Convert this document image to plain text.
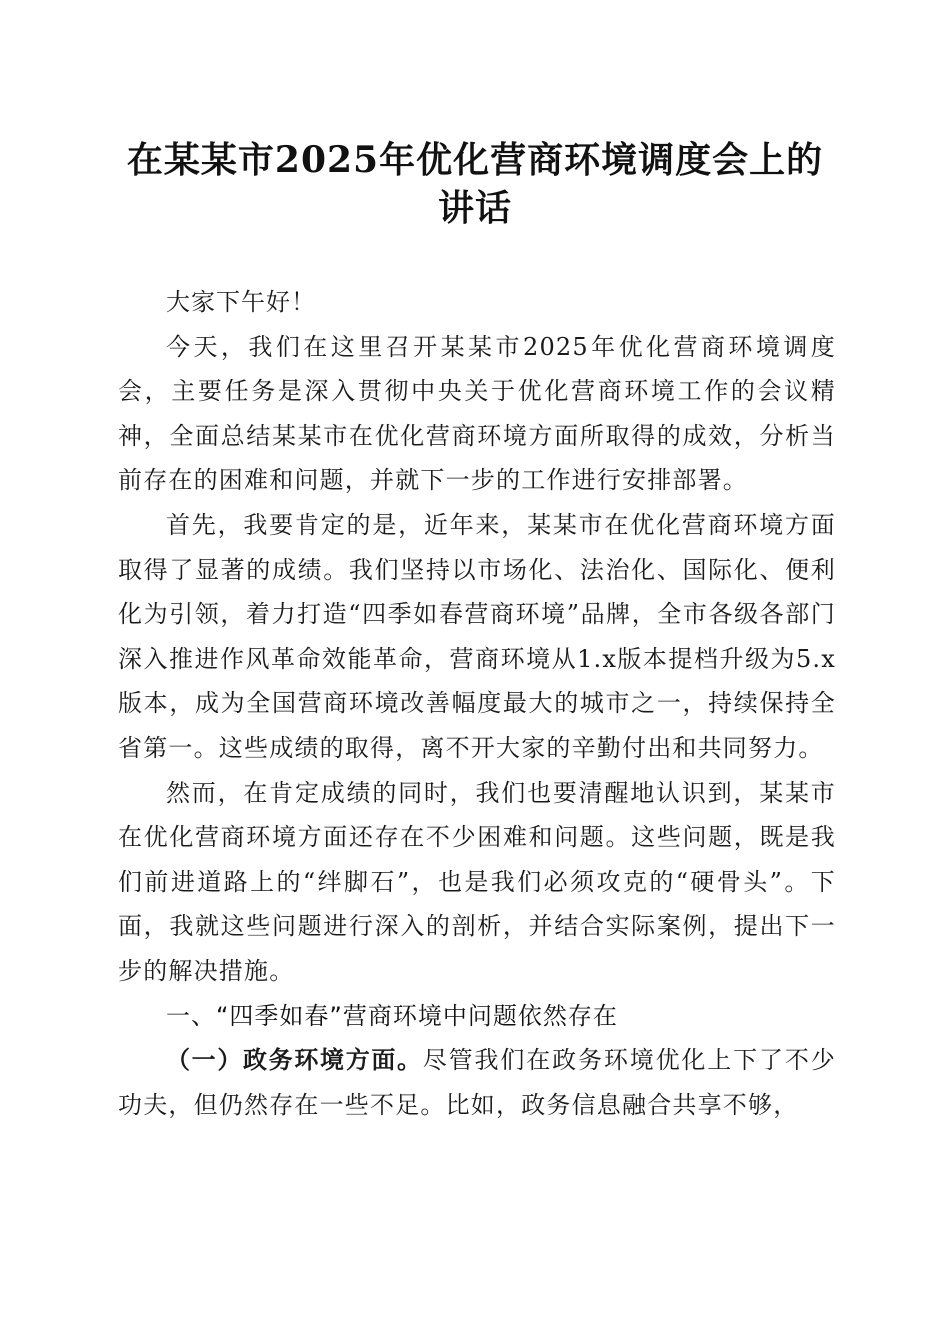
在某某市2025年优化营商环境调度会上的讲话

大家下午好！

今天，我们在这里召开某某市2025年优化营商环境调度会，主要任务是深入贯彻中央关于优化营商环境工作的会议精神，全面总结某某市在优化营商环境方面所取得的成效，分析当前存在的困难和问题，并就下一步的工作进行安排部署。

首先，我要肯定的是，近年来，某某市在优化营商环境方面取得了显著的成绩。我们坚持以市场化、法治化、国际化、便利化为引领，着力打造“四季如春营商环境”品牌，全市各级各部门深入推进作风革命效能革命，营商环境从1.x版本提档升级为5.x版本，成为全国营商环境改善幅度最大的城市之一，持续保持全省第一。这些成绩的取得，离不开大家的辛勤付出和共同努力。

然而，在肯定成绩的同时，我们也要清醒地认识到，某某市在优化营商环境方面还存在不少困难和问题。这些问题，既是我们前进道路上的“绊脚石”，也是我们必须攻克的“硬骨头”。下面，我就这些问题进行深入的剖析，并结合实际案例，提出下一步的解决措施。

一、“四季如春”营商环境中问题依然存在

（一）政务环境方面。尽管我们在政务环境优化上下了不少功夫，但仍然存在一些不足。比如，政务信息融合共享不够，
